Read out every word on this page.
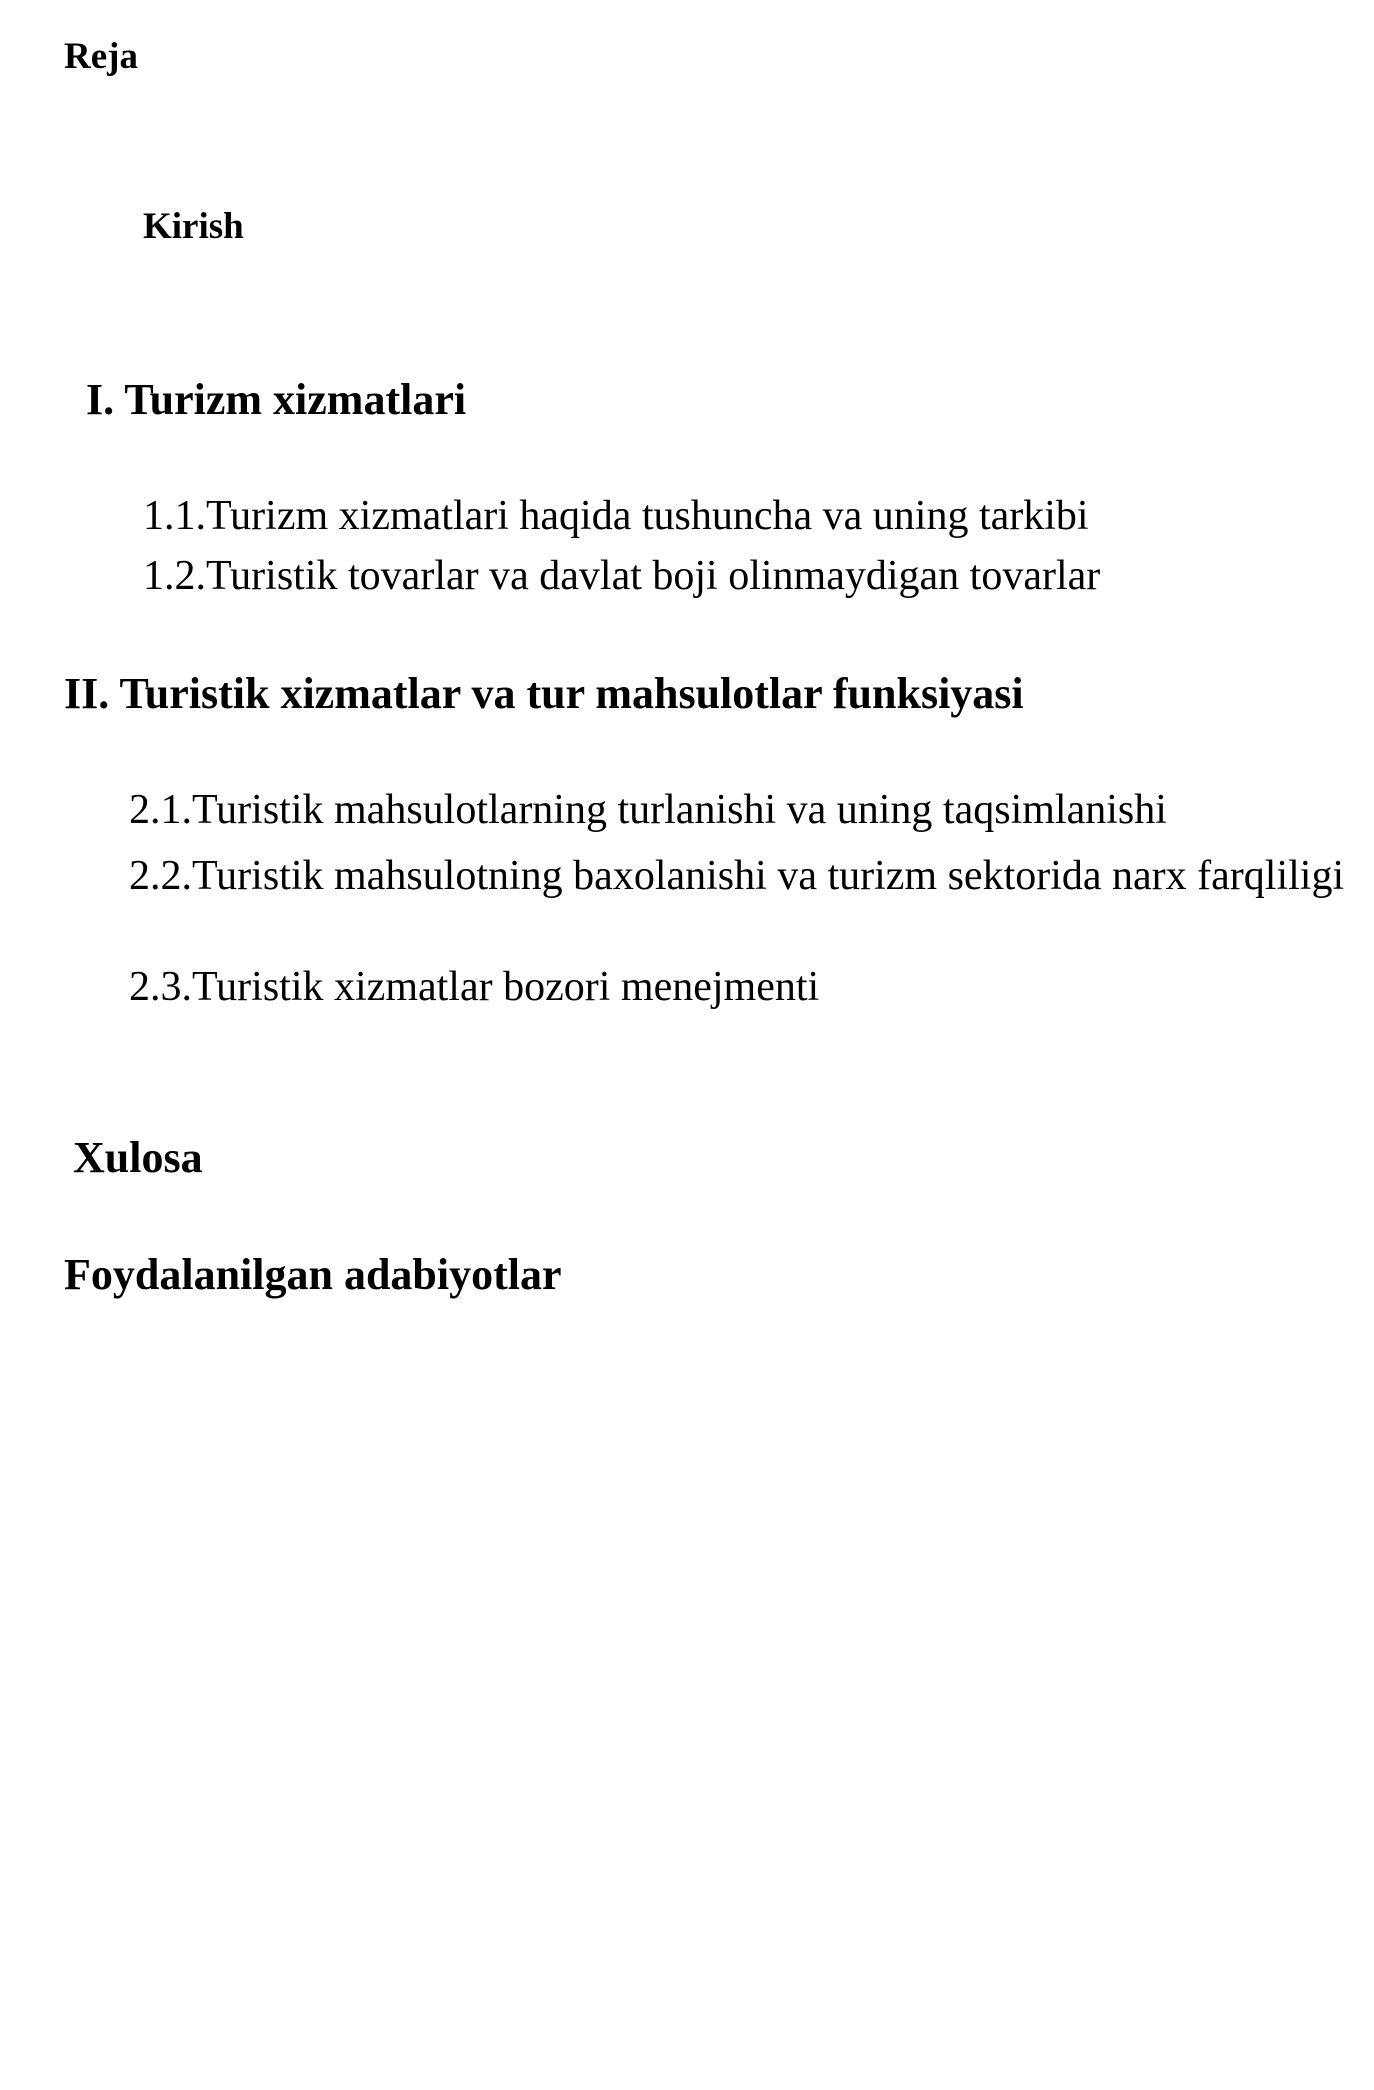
Reja
Kirish
I. Turizm xizmatlari
1.1.Turizm xizmatlari haqida tushuncha va uning tarkibi
1.2.Turistik tovarlar va davlat boji olinmaydigan tovarlar
II. Turistik xizmatlar va tur mahsulotlar funksiyasi
2.1.Turistik mahsulotlarning turlanishi va uning taqsimlanishi
2.2.Turistik mahsulotning baxolanishi va turizm sektorida narx farqliligi
2.3.Turistik xizmatlar bozori menejmenti
Xulosa
Foydalanilgan adabiyotlar
